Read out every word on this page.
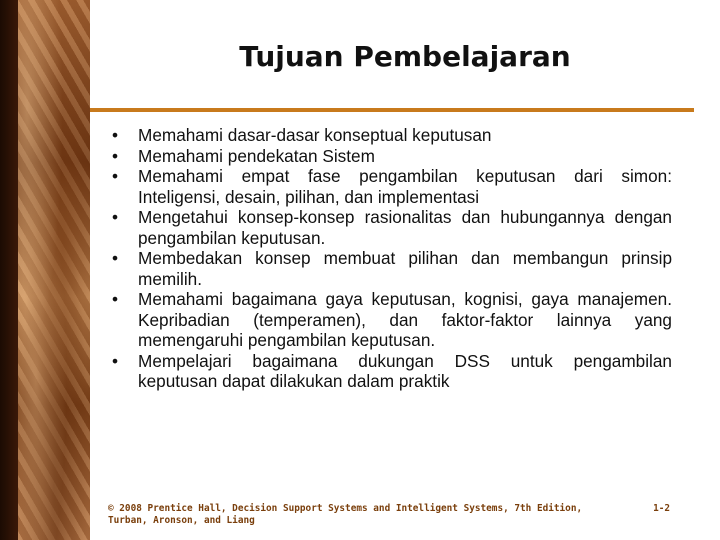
Tujuan Pembelajaran
• Memahami dasar-dasar konseptual keputusan
• Memahami pendekatan Sistem
• Memahami empat fase pengambilan keputusan dari simon: Inteligensi, desain, pilihan, dan implementasi
• Mengetahui konsep-konsep rasionalitas dan hubungannya dengan pengambilan keputusan.
• Membedakan konsep membuat pilihan dan membangun prinsip memilih.
• Memahami bagaimana gaya keputusan, kognisi, gaya manajemen. Kepribadian (temperamen), dan faktor-faktor lainnya yang memengaruhi pengambilan keputusan.
• Mempelajari bagaimana dukungan DSS untuk pengambilan keputusan dapat dilakukan dalam praktik

© 2008 Prentice Hall, Decision Support Systems and Intelligent Systems, 7th Edition, Turban, Aronson, and Liang

1-2
